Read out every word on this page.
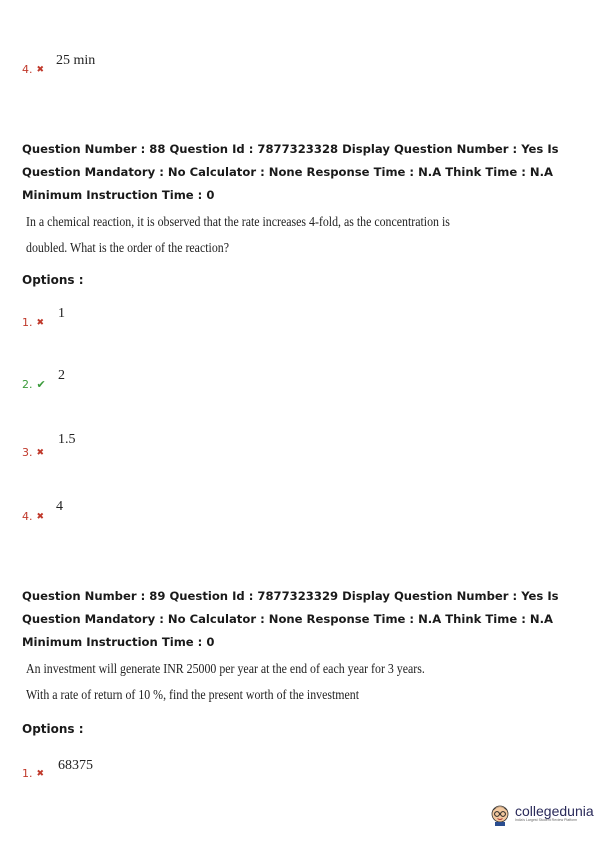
4. ✖
25 min
Question Number : 88 Question Id : 7877323328 Display Question Number : Yes Is Question Mandatory : No Calculator : None Response Time : N.A Think Time : N.A Minimum Instruction Time : 0
In a chemical reaction, it is observed that the rate increases 4-fold, as the concentration is
doubled. What is the order of the reaction?
Options :
1. ✖
1
2. ✔
2
3. ✖
1.5
4. ✖
4
Question Number : 89 Question Id : 7877323329 Display Question Number : Yes Is Question Mandatory : No Calculator : None Response Time : N.A Think Time : N.A Minimum Instruction Time : 0
An investment will generate INR 25000 per year at the end of each year for 3 years.
With a rate of return of 10 %, find the present worth of the investment
Options :
1. ✖
68375
collegedunia
India's Largest Student Review Platform
